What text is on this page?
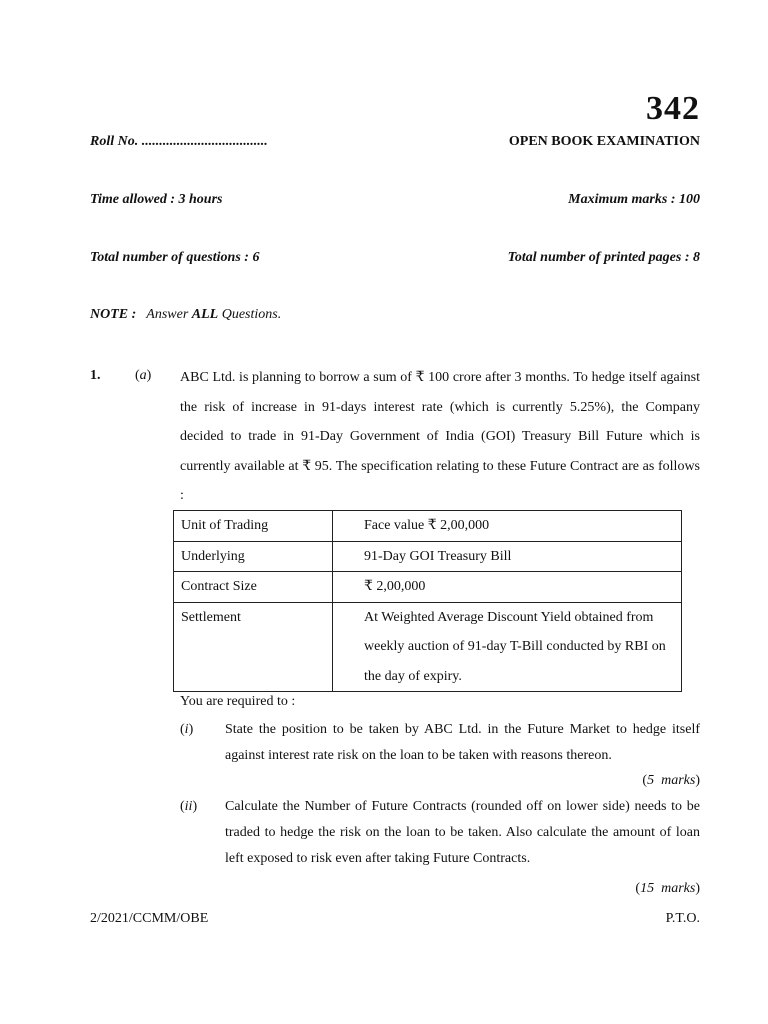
342
Roll No. ....................................	OPEN BOOK EXAMINATION
Time allowed : 3 hours	Maximum marks : 100
Total number of questions : 6	Total number of printed pages : 8
NOTE : Answer ALL Questions.
1. (a) ABC Ltd. is planning to borrow a sum of ₹ 100 crore after 3 months. To hedge itself against the risk of increase in 91-days interest rate (which is currently 5.25%), the Company decided to trade in 91-Day Government of India (GOI) Treasury Bill Future which is currently available at ₹ 95. The specification relating to these Future Contract are as follows :

Unit of Trading	Face value ₹ 2,00,000
Underlying	91-Day GOI Treasury Bill
Contract Size	₹ 2,00,000
Settlement	At Weighted Average Discount Yield obtained from weekly auction of 91-day T-Bill conducted by RBI on the day of expiry.
You are required to :
(i) State the position to be taken by ABC Ltd. in the Future Market to hedge itself against interest rate risk on the loan to be taken with reasons thereon.

(5 marks)
(ii) Calculate the Number of Future Contracts (rounded off on lower side) needs to be traded to hedge the risk on the loan to be taken. Also calculate the amount of loan left exposed to risk even after taking Future Contracts.

(15 marks)
2/2021/CCMM/OBE	P.T.O.
